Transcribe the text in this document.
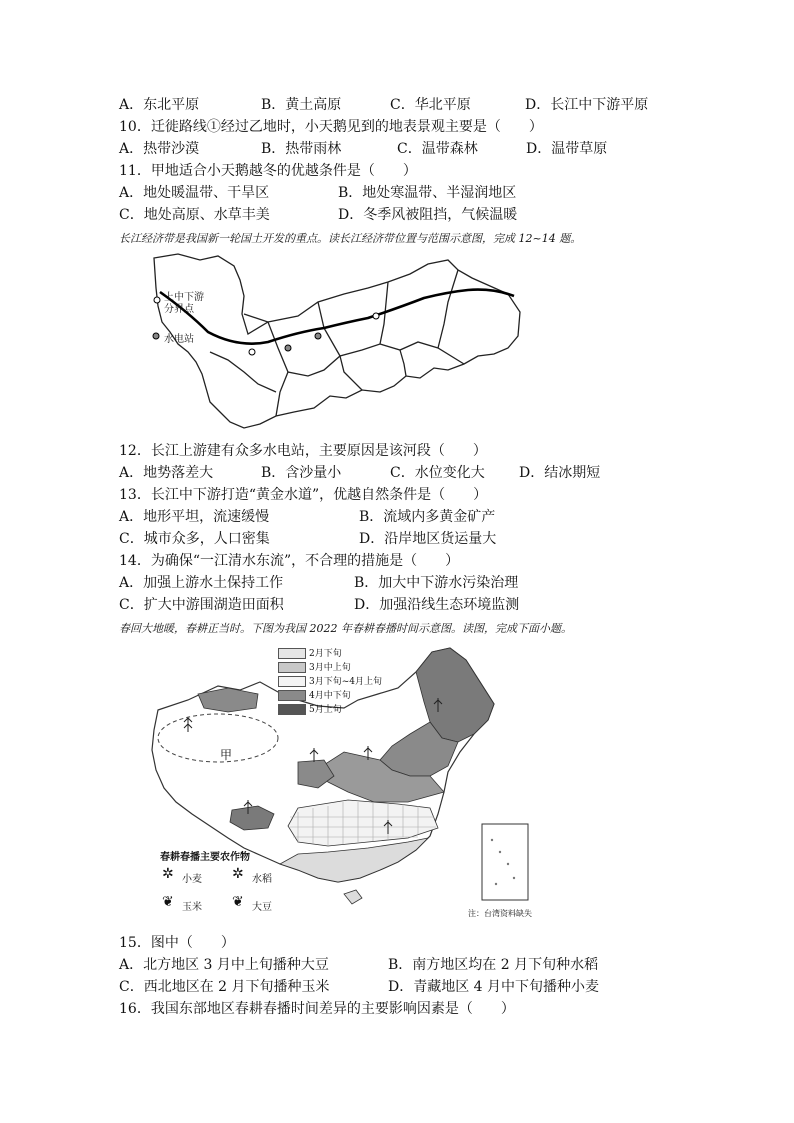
A．东北平原	B．黄土高原	C．华北平原	D．长江中下游平原
10．迁徙路线①经过乙地时，小天鹅见到的地表景观主要是（　　）
A．热带沙漠	B．热带雨林	C．温带森林	D．温带草原
11．甲地适合小天鹅越冬的优越条件是（　　）
A．地处暖温带、干旱区	B．地处寒温带、半湿润地区
C．地处高原、水草丰美	D．冬季风被阻挡，气候温暖
长江经济带是我国新一轮国土开发的重点。读长江经济带位置与范围示意图，完成 12~14 题。
上中下游分界点
水电站
12．长江上游建有众多水电站，主要原因是该河段（　　）
A．地势落差大	B．含沙量小	C．水位变化大 D．结冰期短
13．长江中下游打造“黄金水道”，优越自然条件是（　　）
A．地形平坦，流速缓慢	B．流域内多黄金矿产
C．城市众多，人口密集	D．沿岸地区货运量大
14．为确保“一江清水东流”，不合理的措施是（　　）
A．加强上游水土保持工作	B．加大中下游水污染治理
C．扩大中游围湖造田面积	D．加强沿线生态环境监测
春回大地暖，春耕正当时。下图为我国 2022 年春耕春播时间示意图。读图，完成下面小题。
2月下旬
3月中上旬
3月下旬~4月上旬
4月中下旬
5月上旬
甲
春耕春播主要农作物
小麦	水稻
玉米	大豆
✲	✲
❦	❦
注：台湾资料缺失
15．图中（　　）
A．北方地区 3 月中上旬播种大豆	B．南方地区均在 2 月下旬种水稻
C．西北地区在 2 月下旬播种玉米	D．青藏地区 4 月中下旬播种小麦
16．我国东部地区春耕春播时间差异的主要影响因素是（　　）
